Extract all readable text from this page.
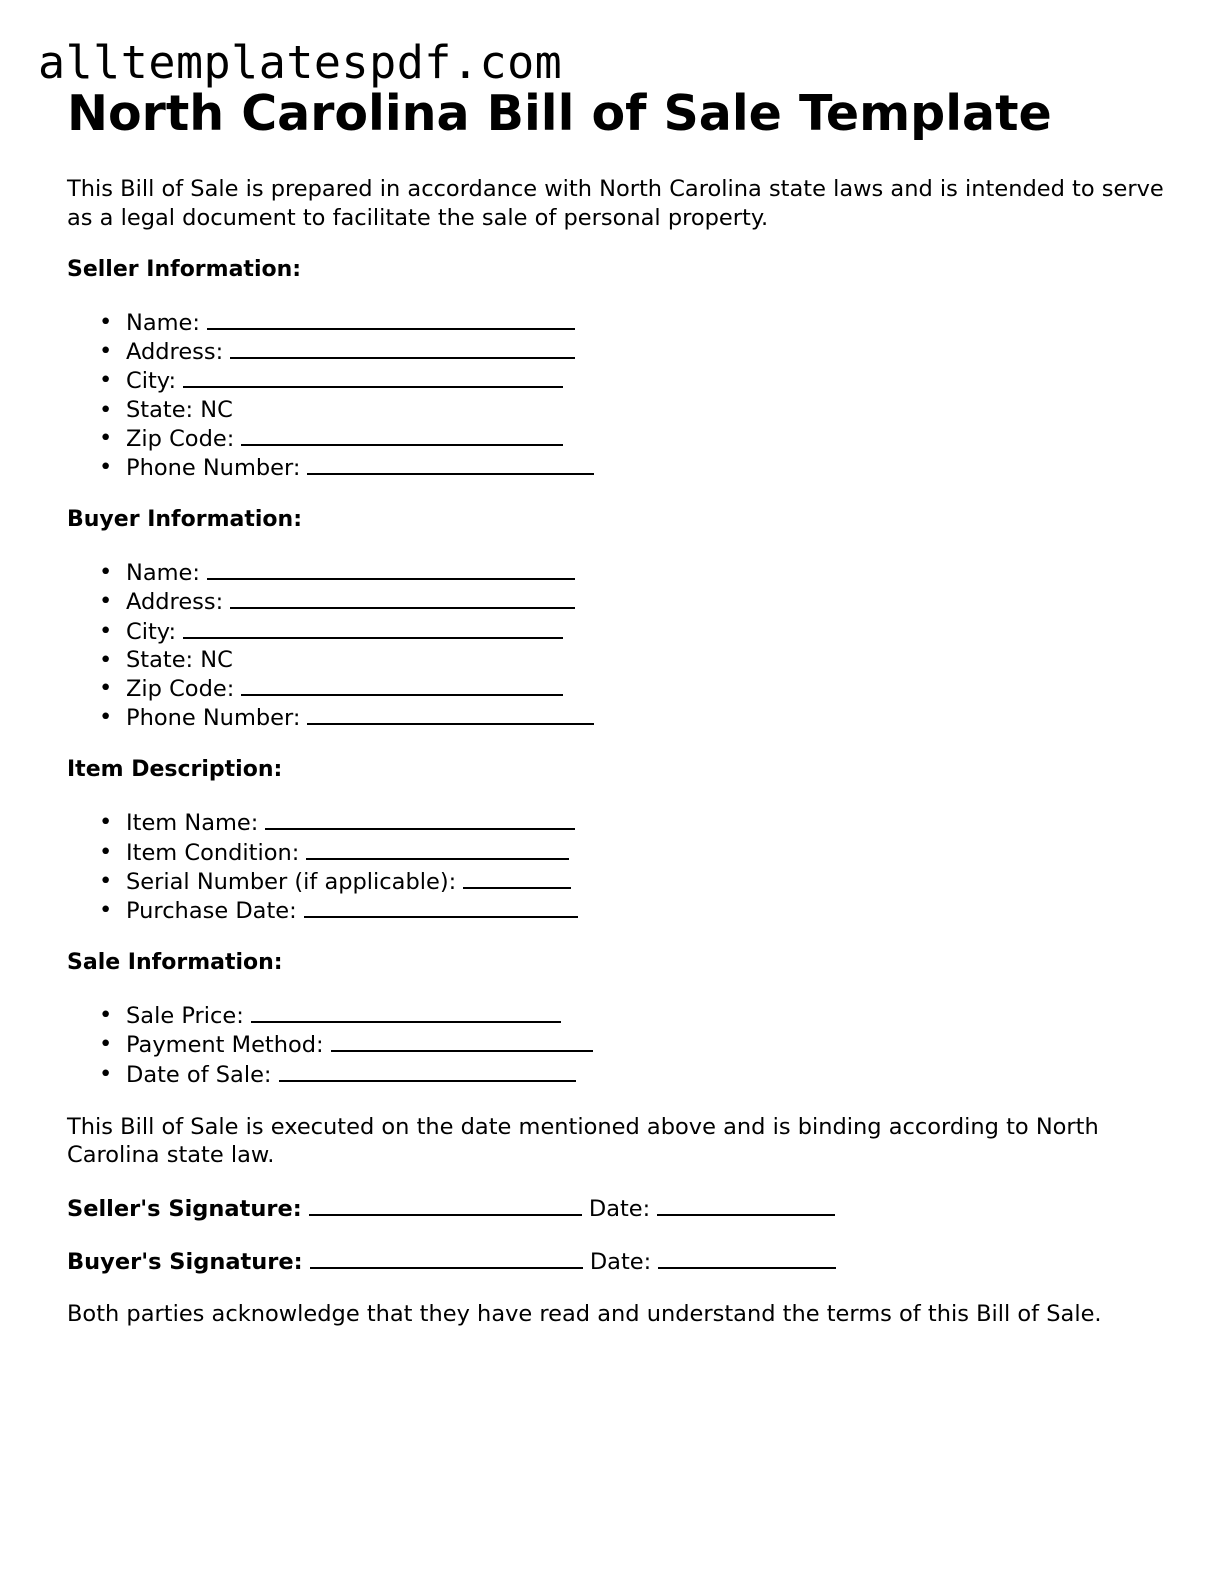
alltemplatespdf.com
North Carolina Bill of Sale Template

This Bill of Sale is prepared in accordance with North Carolina state laws and is intended to serve as a legal document to facilitate the sale of personal property.

Seller Information:
• Name:
• Address:
• City:
• State: NC
• Zip Code:
• Phone Number:
Buyer Information:
• Name:
• Address:
• City:
• State: NC
• Zip Code:
• Phone Number:
Item Description:
• Item Name:
• Item Condition:
• Serial Number (if applicable):
• Purchase Date:
Sale Information:
• Sale Price:
• Payment Method:
• Date of Sale:

This Bill of Sale is executed on the date mentioned above and is binding according to North Carolina state law.

Seller's Signature:	Date:
Buyer's Signature:	Date:

Both parties acknowledge that they have read and understand the terms of this Bill of Sale.
